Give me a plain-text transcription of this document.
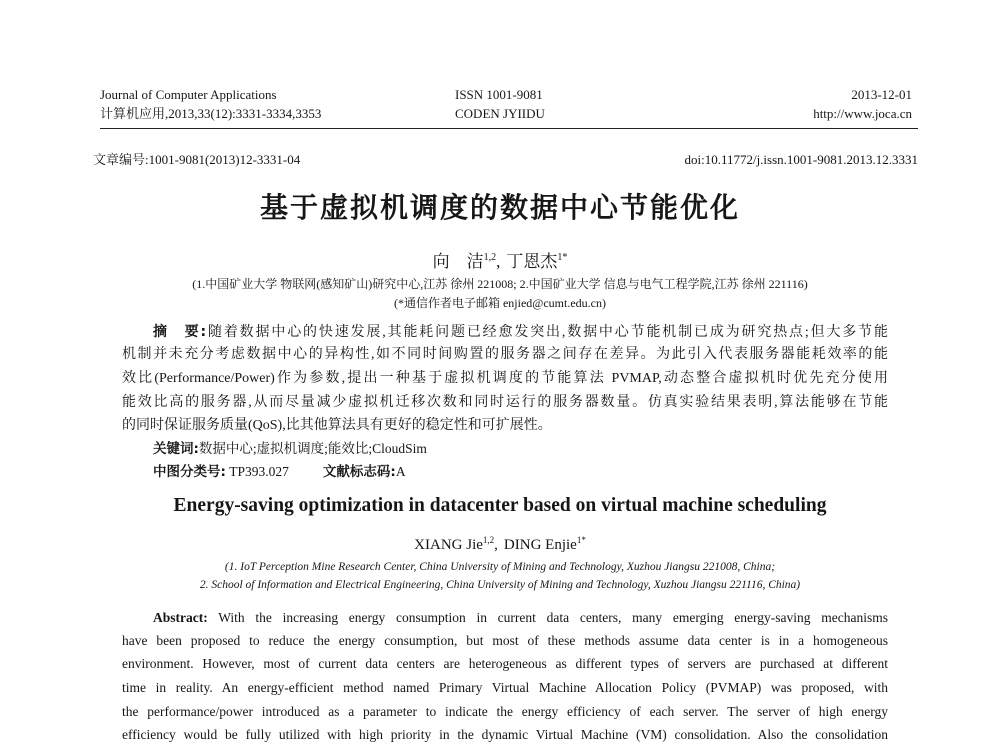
Journal of Computer Applications
计算机应用,2013,33(12):3331-3334,3353
ISSN 1001-9081
CODEN JYIIDU
2013-12-01
http://www.joca.cn
文章编号:1001-9081(2013)12-3331-04	doi:10.11772/j.issn.1001-9081.2013.12.3331
基于虚拟机调度的数据中心节能优化
向　洁$^{1,2}$, 丁恩杰$^{1*}$
(1.中国矿业大学 物联网(感知矿山)研究中心,江苏 徐州 221008; 2.中国矿业大学 信息与电气工程学院,江苏 徐州 221116)
(*通信作者电子邮箱 enjied@cumt.edu.cn)
摘　要:随着数据中心的快速发展,其能耗问题已经愈发突出,数据中心节能机制已成为研究热点;但大多节能
机制并未充分考虑数据中心的异构性,如不同时间购置的服务器之间存在差异。为此引入代表服务器能耗效率的能
效比(Performance/Power)作为参数,提出一种基于虚拟机调度的节能算法 PVMAP,动态整合虚拟机时优先充分使用
能效比高的服务器,从而尽量减少虚拟机迁移次数和同时运行的服务器数量。仿真实验结果表明,算法能够在节能
的同时保证服务质量(QoS),比其他算法具有更好的稳定性和可扩展性。
关键词:数据中心;虚拟机调度;能效比;CloudSim
中图分类号: TP393.027	文献标志码:A
Energy-saving optimization in datacenter based on virtual machine scheduling
XIANG Jie$^{1,2}$, DING Enjie$^{1*}$
(1. IoT Perception Mine Research Center, China University of Mining and Technology, Xuzhou Jiangsu 221008, China;
2. School of Information and Electrical Engineering, China University of Mining and Technology, Xuzhou Jiangsu 221116, China)
Abstract: With the increasing energy consumption in current data centers, many emerging energy-saving mechanisms
have been proposed to reduce the energy consumption, but most of these methods assume data center is in a homogeneous
environment. However, most of current data centers are heterogeneous as different types of servers are purchased at different
time in reality. An energy-efficient method named Primary Virtual Machine Allocation Policy (PVMAP) was proposed, with
the performance/power introduced as a parameter to indicate the energy efficiency of each server. The server of high energy
efficiency would be fully utilized with high priority in the dynamic Virtual Machine (VM) consolidation. Also the consolidation
